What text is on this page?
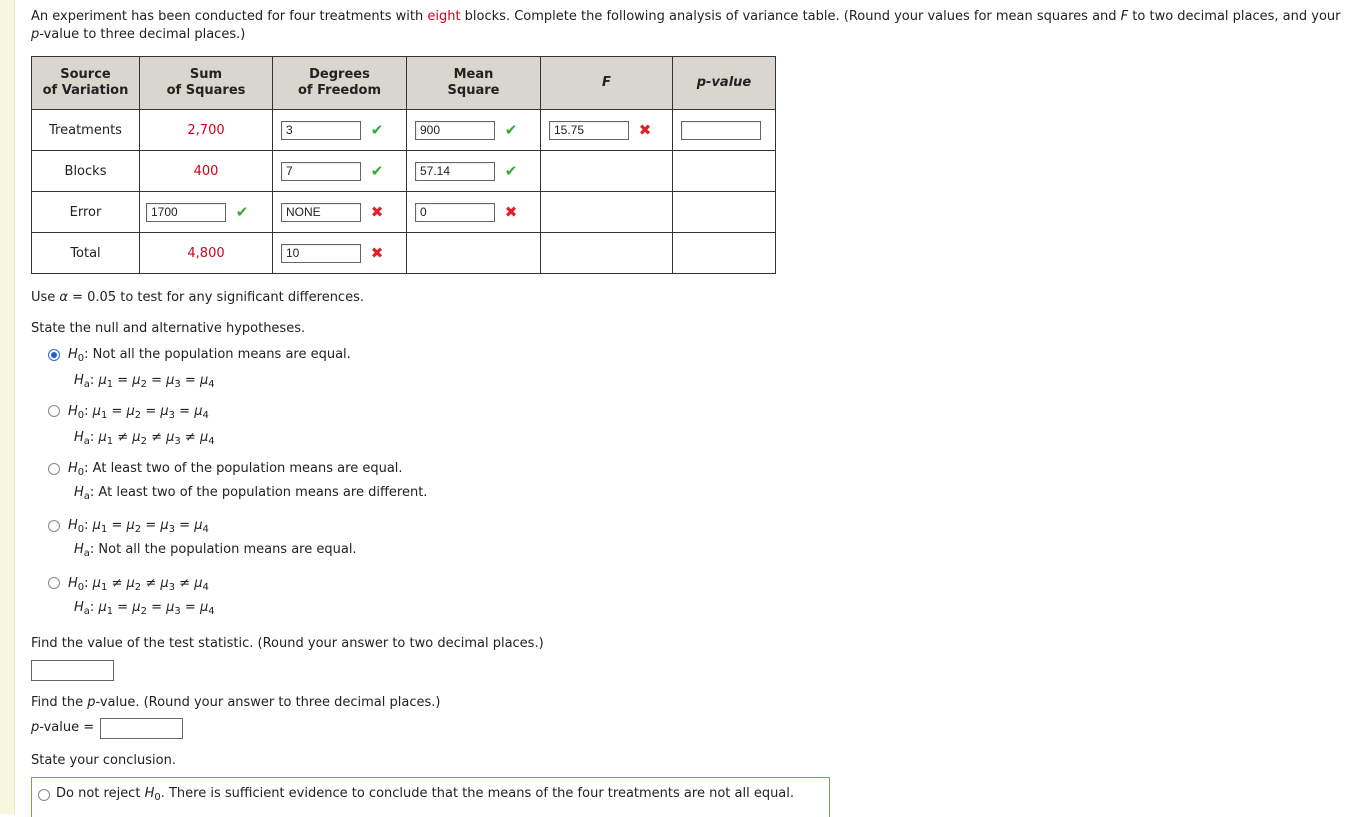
An experiment has been conducted for four treatments with eight blocks. Complete the following analysis of variance table. (Round your values for mean squares and F to two decimal places, and your
p-value to three decimal places.)
Source
of Variation	Sum
of Squares	Degrees
of Freedom	Mean
Square	F	p-value
Treatments	2,700	3 ✔	900 ✔	15.75 ✖	

Blocks	400	7 ✔	57.14 ✔		

Error	1700 ✔	NONE ✖	0 ✖		

Total	4,800	10 ✖			

Use α = 0.05 to test for any significant differences.
State the null and alternative hypotheses.
$H_0$: Not all the population means are equal.
$H_a$: $\mu_1 = \mu_2 = \mu_3 = \mu_4$
$H_0$: $\mu_1 = \mu_2 = \mu_3 = \mu_4$
$H_a$: $\mu_1 \ne \mu_2 \ne \mu_3 \ne \mu_4$
$H_0$: At least two of the population means are equal.
$H_a$: At least two of the population means are different.
$H_0$: $\mu_1 = \mu_2 = \mu_3 = \mu_4$
$H_a$: Not all the population means are equal.
$H_0$: $\mu_1 \ne \mu_2 \ne \mu_3 \ne \mu_4$
$H_a$: $\mu_1 = \mu_2 = \mu_3 = \mu_4$
Find the value of the test statistic. (Round your answer to two decimal places.)
Find the p-value. (Round your answer to three decimal places.)
p-value =
State your conclusion.
Do not reject $H_0$. There is sufficient evidence to conclude that the means of the four treatments are not all equal.
